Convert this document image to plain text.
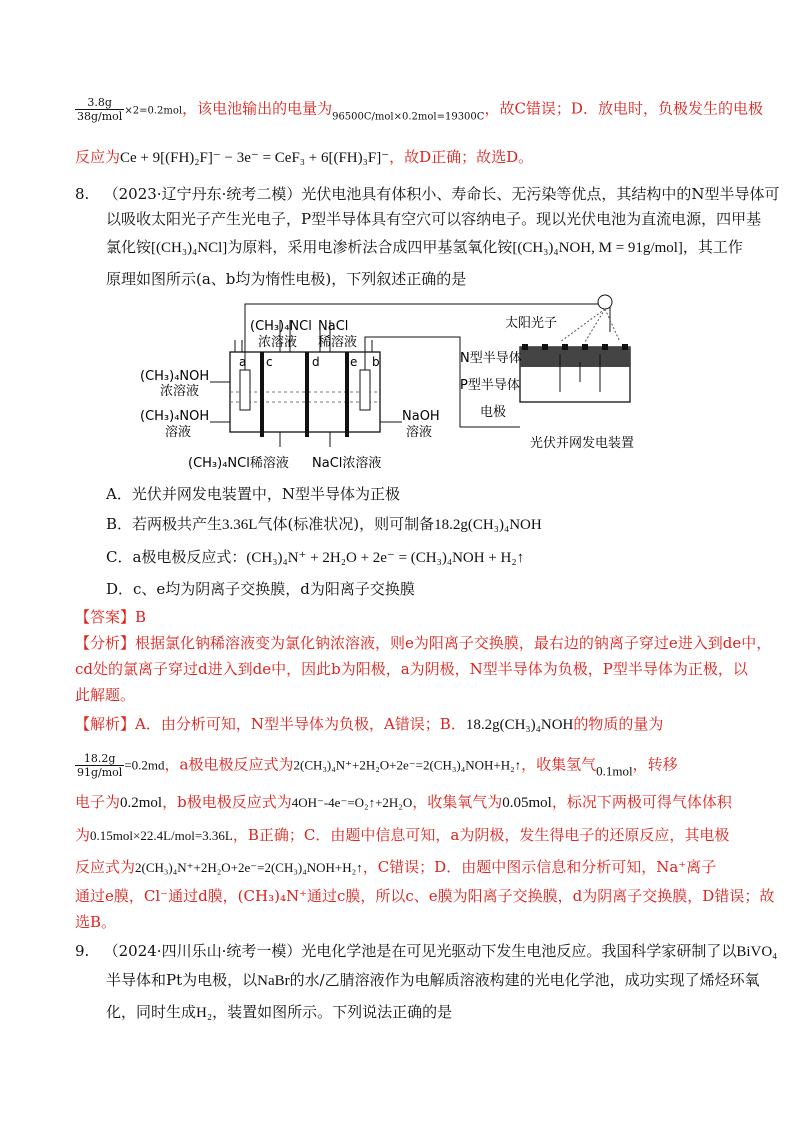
$\frac{3.8g}{\text{38g/mol}} \times 2=0.2mol$，该电池输出的电量为$_{96500C/mol\times 0.2mol=19300C}$，故C错误；D．放电时，负极发生的电极
反应为Ce + 9[(FH)₂F]⁻ − 3e⁻ = CeF₃ + 6[(FH)₃F]⁻，故D正确；故选D。
8. （2023·辽宁丹东·统考二模）光伏电池具有体积小、寿命长、无污染等优点，其结构中的N型半导体可
以吸收太阳光子产生光电子，P型半导体具有空穴可以容纳电子。现以光伏电池为直流电源，四甲基
氯化铵[(CH₃)₄NCl]为原料，采用电渗析法合成四甲基氢氧化铵[(CH₃)₄NOH, M = 91g/mol]，其工作
原理如图所示(a、b均为惰性电极)，下列叙述正确的是
(CH₃)₄NCl
浓溶液
NaCl
稀溶液
(CH₃)₄NOH
浓溶液
(CH₃)₄NOH
溶液
NaOH
溶液
(CH₃)₄NCl稀溶液 NaCl浓溶液
a c	d	e b
太阳光子
N型半导体
P型半导体
电极
光伏并网发电装置
A．光伏并网发电装置中，N型半导体为正极
B．若两极共产生3.36L气体(标准状况)，则可制备18.2g(CH₃)₄NOH
C．a极电极反应式：(CH₃)₄N⁺ + 2H₂O + 2e⁻ = (CH₃)₄NOH + H₂↑
D．c、e均为阴离子交换膜，d为阳离子交换膜
【答案】B
【分析】根据氯化钠稀溶液变为氯化钠浓溶液，则e为阳离子交换膜，最右边的钠离子穿过e进入到de中，
cd处的氯离子穿过d进入到de中，因此b为阳极，a为阴极，N型半导体为负极，P型半导体为正极，以
此解题。
【解析】A．由分析可知，N型半导体为负极，A错误；B．18.2g(CH₃)₄NOH的物质的量为
$\frac{18.2g}{\text{91g/mol}} =0.2md$，a极电极反应式为2(CH₃)₄N⁺+2H₂O+2e⁻=2(CH₃)₄NOH+H₂↑，收集氢气0.1mol，转移
电子为0.2mol，b极电极反应式为4OH⁻-4e⁻=O₂↑+2H₂O，收集氧气为0.05mol，标况下两极可得气体体积
为0.15mol×22.4L/mol=3.36L，B正确；C．由题中信息可知，a为阴极，发生得电子的还原反应，其电极
反应式为2(CH₃)₄N⁺+2H₂O+2e⁻=2(CH₃)₄NOH+H₂↑，C错误；D．由题中图示信息和分析可知，Na⁺离子
通过e膜，Cl⁻通过d膜，(CH₃)₄N⁺通过c膜，所以c、e膜为阳离子交换膜，d为阴离子交换膜，D错误；故
选B。
9. （2024·四川乐山·统考一模）光电化学池是在可见光驱动下发生电池反应。我国科学家研制了以BiVO₄
半导体和Pt为电极，以NaBr的水/乙腈溶液作为电解质溶液构建的光电化学池，成功实现了烯烃环氧
化，同时生成H₂，装置如图所示。下列说法正确的是
